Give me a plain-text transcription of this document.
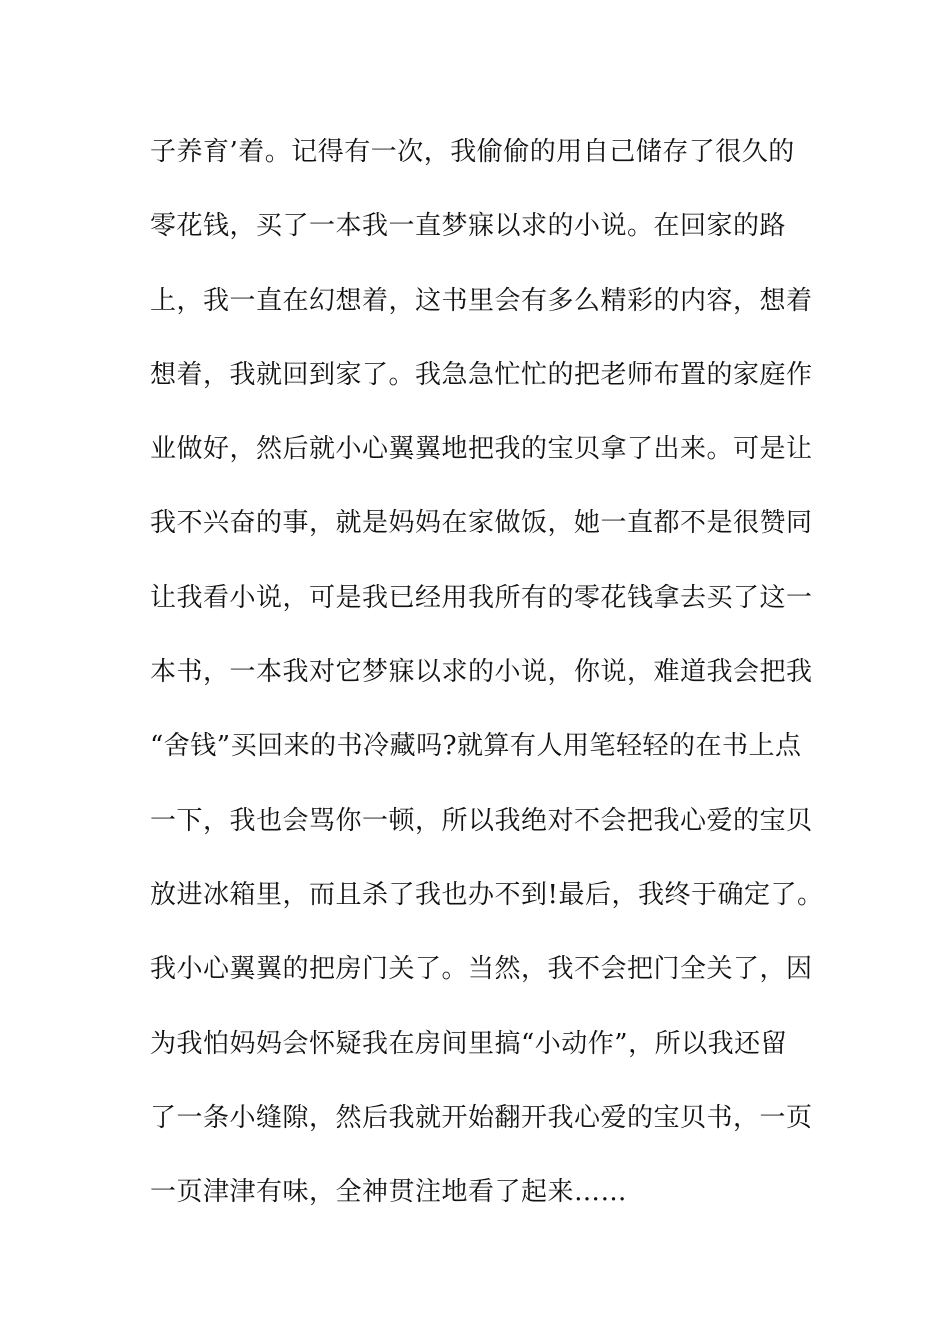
子养育’着。记得有一次，我偷偷的用自己储存了很久的
零花钱，买了一本我一直梦寐以求的小说。在回家的路
上，我一直在幻想着，这书里会有多么精彩的内容，想着
想着，我就回到家了。我急急忙忙的把老师布置的家庭作
业做好，然后就小心翼翼地把我的宝贝拿了出来。可是让
我不兴奋的事，就是妈妈在家做饭，她一直都不是很赞同
让我看小说，可是我已经用我所有的零花钱拿去买了这一
本书，一本我对它梦寐以求的小说，你说，难道我会把我
“舍钱”买回来的书冷藏吗?就算有人用笔轻轻的在书上点
一下，我也会骂你一顿，所以我绝对不会把我心爱的宝贝
放进冰箱里，而且杀了我也办不到!最后，我终于确定了。
我小心翼翼的把房门关了。当然，我不会把门全关了，因
为我怕妈妈会怀疑我在房间里搞“小动作”，所以我还留
了一条小缝隙，然后我就开始翻开我心爱的宝贝书，一页
一页津津有味，全神贯注地看了起来……
